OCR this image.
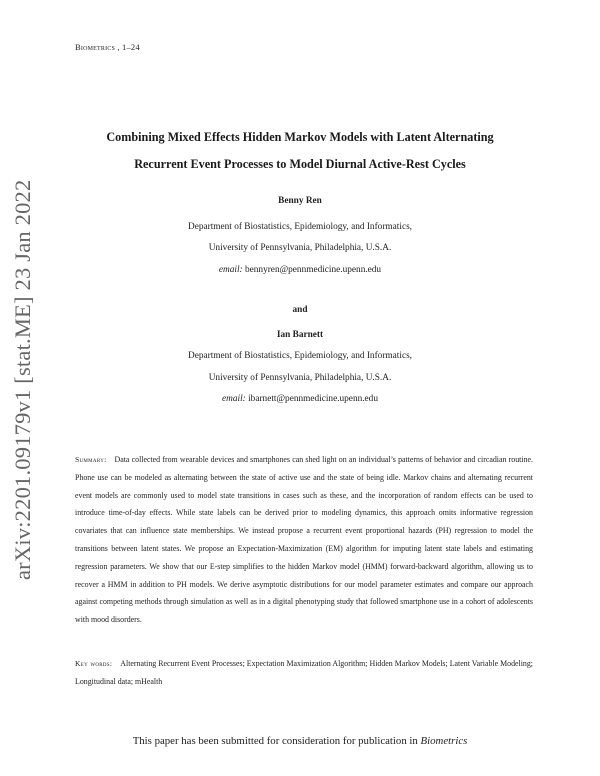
Biometrics , 1–24
Combining Mixed Effects Hidden Markov Models with Latent Alternating
Recurrent Event Processes to Model Diurnal Active-Rest Cycles
Benny Ren
Department of Biostatistics, Epidemiology, and Informatics,
University of Pennsylvania, Philadelphia, U.S.A.
email: bennyren@pennmedicine.upenn.edu
and
Ian Barnett
Department of Biostatistics, Epidemiology, and Informatics,
University of Pennsylvania, Philadelphia, U.S.A.
email: ibarnett@pennmedicine.upenn.edu
Summary: Data collected from wearable devices and smartphones can shed light on an individual’s patterns of behavior and circadian routine. Phone use can be modeled as alternating between the state of active use and the state of being idle. Markov chains and alternating recurrent event models are commonly used to model state transitions in cases such as these, and the incorporation of random effects can be used to introduce time-of-day effects. While state labels can be derived prior to modeling dynamics, this approach omits informative regression covariates that can influence state memberships. We instead propose a recurrent event proportional hazards (PH) regression to model the transitions between latent states. We propose an Expectation-Maximization (EM) algorithm for imputing latent state labels and estimating regression parameters. We show that our E-step simplifies to the hidden Markov model (HMM) forward-backward algorithm, allowing us to recover a HMM in addition to PH models. We derive asymptotic distributions for our model parameter estimates and compare our approach against competing methods through simulation as well as in a digital phenotyping study that followed smartphone use in a cohort of adolescents with mood disorders.
Key words: Alternating Recurrent Event Processes; Expectation Maximization Algorithm; Hidden Markov Models; Latent Variable Modeling; Longitudinal data; mHealth
This paper has been submitted for consideration for publication in Biometrics
arXiv:2201.09179v1 [stat.ME] 23 Jan 2022
